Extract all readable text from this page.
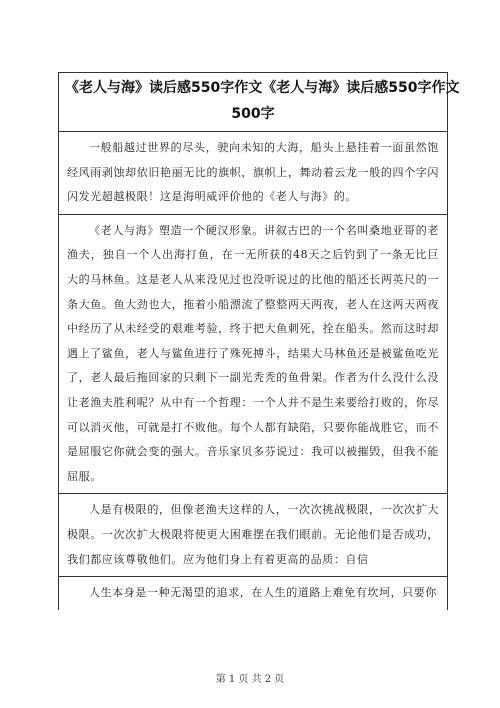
《老人与海》读后感550字作文《老人与海》读后感550字作文
500字
一般船越过世界的尽头，驶向未知的大海，船头上悬挂着一面虽然饱经风雨剥蚀却依旧艳丽无比的旗帜，旗帜上，舞动着云龙一般的四个字闪闪发光超越极限！这是海明威评价他的《老人与海》的。
《老人与海》塑造一个硬汉形象。讲叙古巴的一个名叫桑地亚哥的老渔夫，独自一个人出海打鱼，在一无所获的48天之后钓到了一条无比巨大的马林鱼。这是老人从来没见过也没听说过的比他的船还长两英尺的一条大鱼。鱼大劲也大，拖着小船漂流了整整两天两夜，老人在这两天两夜中经历了从未经受的艰难考验，终于把大鱼刺死，拴在船头。然而这时却遇上了鲨鱼，老人与鲨鱼进行了殊死搏斗，结果大马林鱼还是被鲨鱼吃光了，老人最后拖回家的只剩下一副光秃秃的鱼骨架。作者为什么没什么没让老渔夫胜利呢？从中有一个哲理：一个人并不是生来要给打败的，你尽可以消灭他，可就是打不败他。每个人都有缺陷，只要你能战胜它，而不是屈服它你就会变的强大。音乐家贝多芬说过：我可以被摧毁，但我不能屈服。
人是有极限的，但像老渔夫这样的人，一次次挑战极限，一次次扩大极限。一次次扩大极限将使更大困难摆在我们眼前。无论他们是否成功，我们都应该尊敬他们。应为他们身上有着更高的品质：自信
人生本身是一种无渴望的追求，在人生的道路上难免有坎坷，只要你
第 1 页 共 2 页
